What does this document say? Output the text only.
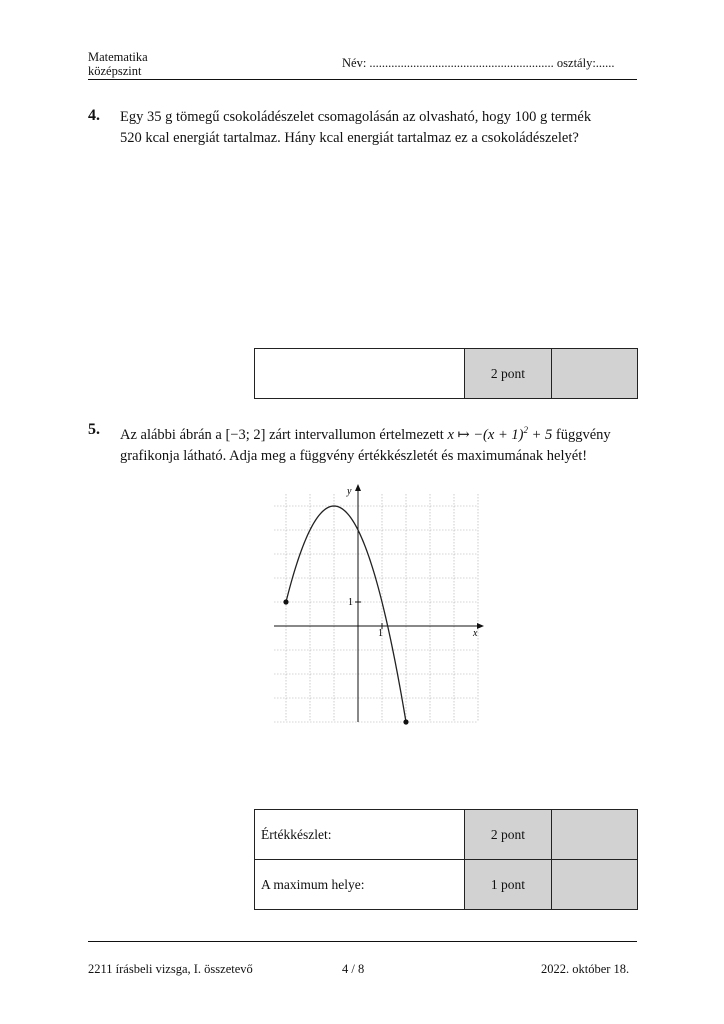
Matematika
középszint
Név: ........................................................... osztály:......
4. Egy 35 g tömegű csokoládészelet csomagolásán az olvasható, hogy 100 g termék
520 kcal energiát tartalmaz. Hány kcal energiát tartalmaz ez a csokoládészelet?
	2 pont	
5. Az alábbi ábrán a [−3; 2] zárt intervallumon értelmezett x ↦ $-(x + 1)^2 + 5$ függvény
grafikonja látható. Adja meg a függvény értékkészletét és maximumának helyét!
1
1
x
y
Értékkészlet:	2 pont	
A maximum helye:	1 pont	
2211 írásbeli vizsga, I. összetevő	4 / 8	2022. október 18.
